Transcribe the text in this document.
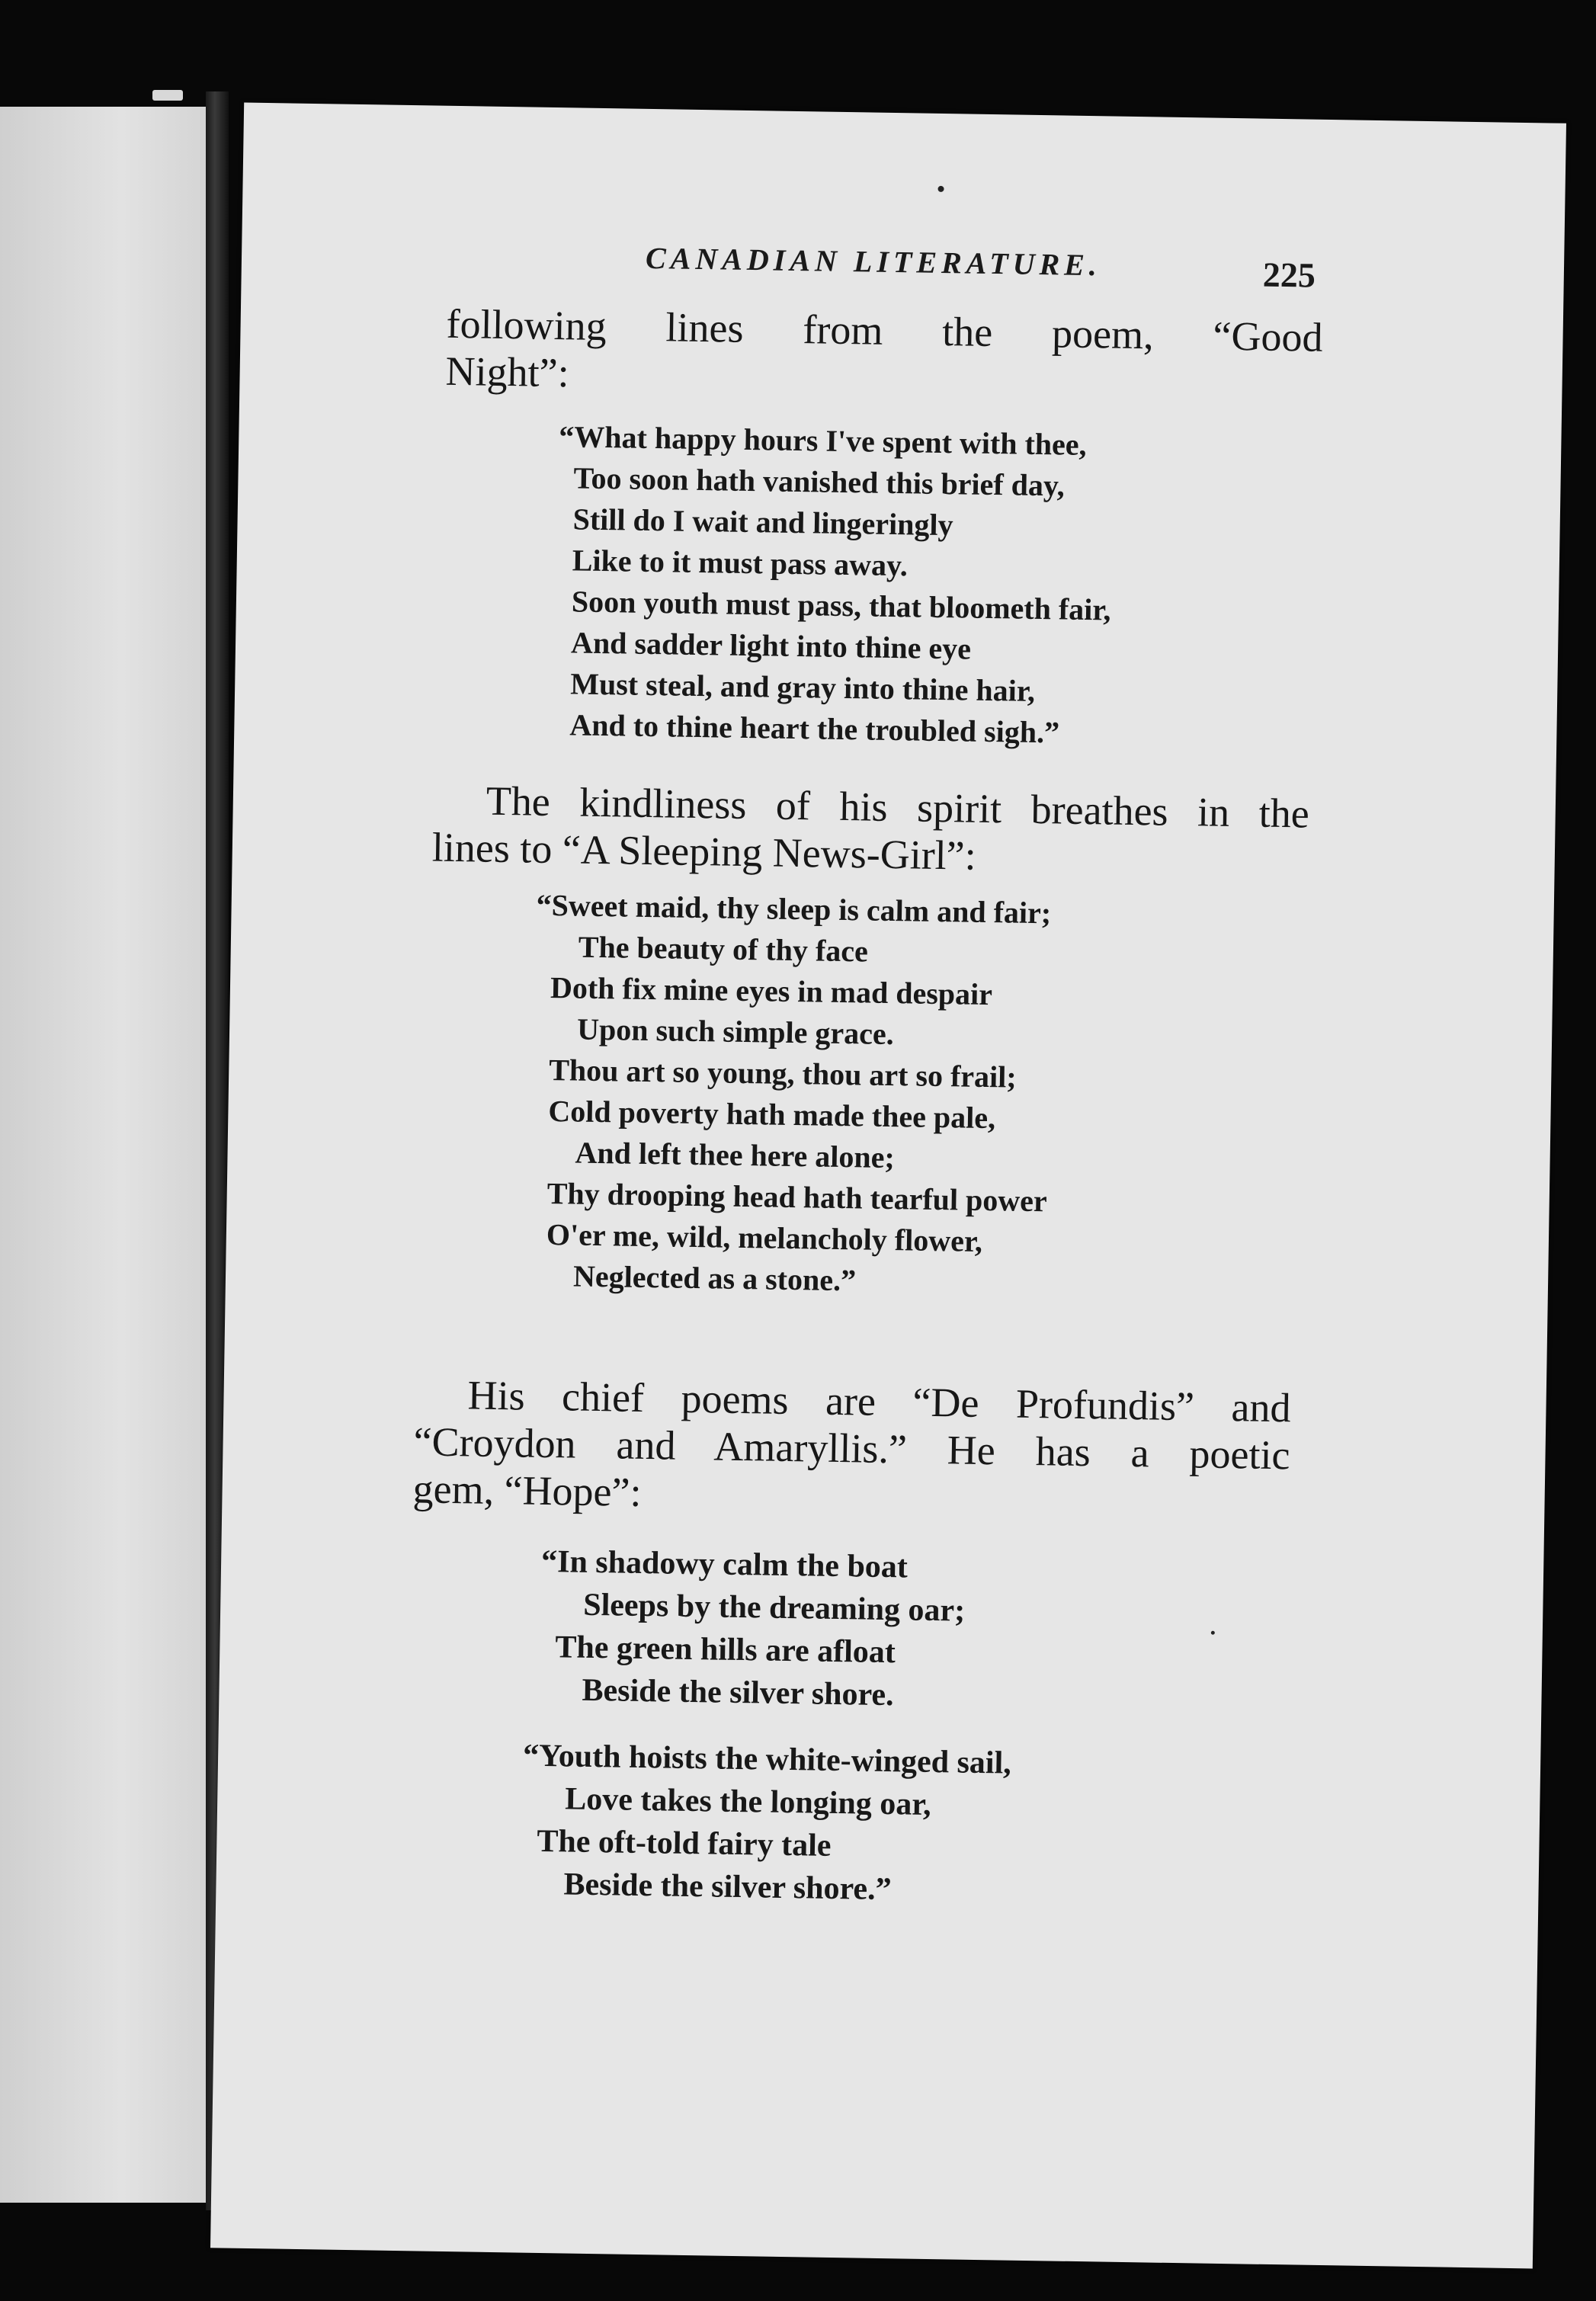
CANADIAN LITERATURE.	225
following lines from the poem, “Good
Night”:
“What happy hours I've spent with thee,
Too soon hath vanished this brief day,
Still do I wait and lingeringly
Like to it must pass away.
Soon youth must pass, that bloometh fair,
And sadder light into thine eye
Must steal, and gray into thine hair,
And to thine heart the troubled sigh.”
The kindliness of his spirit breathes in the
lines to “A Sleeping News-Girl”:
“Sweet maid, thy sleep is calm and fair;
The beauty of thy face
Doth fix mine eyes in mad despair
Upon such simple grace.
Thou art so young, thou art so frail;
Cold poverty hath made thee pale,
And left thee here alone;
Thy drooping head hath tearful power
O'er me, wild, melancholy flower,
Neglected as a stone.”
His chief poems are “De Profundis” and
“Croydon and Amaryllis.” He has a poetic
gem, “Hope”:
“In shadowy calm the boat
Sleeps by the dreaming oar;
The green hills are afloat
Beside the silver shore.
“Youth hoists the white-winged sail,
Love takes the longing oar,
The oft-told fairy tale
Beside the silver shore.”
